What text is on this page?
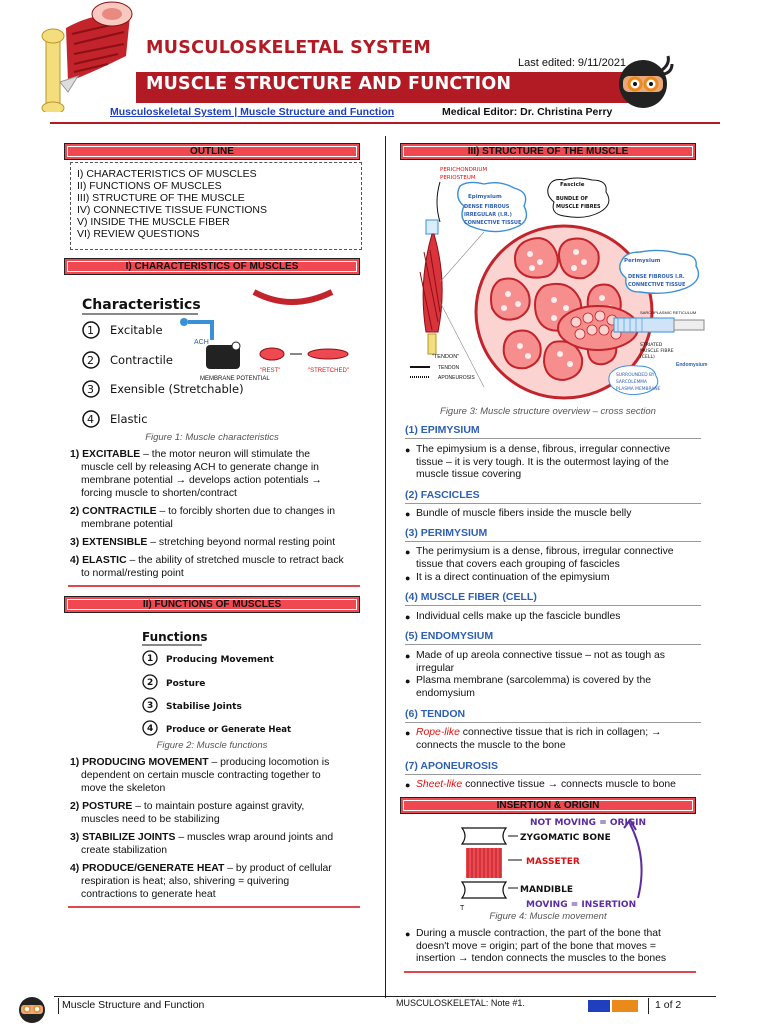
MUSCULOSKELETAL SYSTEM
MUSCLE STRUCTURE AND FUNCTION
Last edited: 9/11/2021
Musculoskeletal System | Muscle Structure and Function	Medical Editor: Dr. Christina Perry
OUTLINE
I) CHARACTERISTICS OF MUSCLES
II) FUNCTIONS OF MUSCLES
III) STRUCTURE OF THE MUSCLE
IV) CONNECTIVE TISSUE FUNCTIONS
V) INSIDE THE MUSCLE FIBER
VI) REVIEW QUESTIONS
I) CHARACTERISTICS OF MUSCLES
Characteristics
1 Excitable
2 Contractile
3 Exensible (Stretchable)
4 Elastic
ACH
MEMBRANE POTENTIAL
"REST"	"STRETCHED"
Figure 1: Muscle characteristics
1) EXCITABLE – the motor neuron will stimulate the
muscle cell by releasing ACH to generate change in
membrane potential → develops action potentials →
forcing muscle to shorten/contract
2) CONTRACTILE – to forcibly shorten due to changes in
membrane potential
3) EXTENSIBLE – stretching beyond normal resting point
4) ELASTIC – the ability of stretched muscle to retract back
to normal/resting point
II) FUNCTIONS OF MUSCLES
Functions
1 Producing Movement
2 Posture
3 Stabilise Joints
4 Produce or Generate Heat
Figure 2: Muscle functions
1) PRODUCING MOVEMENT – producing locomotion is
dependent on certain muscle contracting together to
move the skeleton
2) POSTURE – to maintain posture against gravity,
muscles need to be stabilizing
3) STABILIZE JOINTS – muscles wrap around joints and
create stabilization
4) PRODUCE/GENERATE HEAT – by product of cellular
respiration is heat; also, shivering = quivering
contractions to generate heat
III) STRUCTURE OF THE MUSCLE
PERICHONDRIUM
PERIOSTEUM
"TENDON"
TENDON
APONEUROSIS
Epimysium
DENSE FIBROUS
IRREGULAR (I.R.)
CONNECTIVE TISSUE
Fascicle
BUNDLE OF
MUSCLE FIBRES
Perimysium
DENSE FIBROUS I.R.
CONNECTIVE TISSUE
SARCOPLASMIC RETICULUM
STRIATED
MUSCLE FIBRE
(CELL)
Endomysium
SURROUNDED BY
SARCOLEMMA
PLASMA MEMBRANE
Figure 3: Muscle structure overview – cross section
(1) EPIMYSIUM
● The epimysium is a dense, fibrous, irregular connective
tissue – it is very tough. It is the outermost laying of the
muscle tissue covering
(2) FASCICLES
● Bundle of muscle fibers inside the muscle belly
(3) PERIMYSIUM
● The perimysium is a dense, fibrous, irregular connective
tissue that covers each grouping of fascicles
● It is a direct continuation of the epimysium
(4) MUSCLE FIBER (CELL)
● Individual cells make up the fascicle bundles
(5) ENDOMYSIUM
● Made of up areola connective tissue – not as tough as
irregular
● Plasma membrane (sarcolemma) is covered by the
endomysium
(6) TENDON
● Rope-like connective tissue that is rich in collagen; →
connects the muscle to the bone
(7) APONEUROSIS
● Sheet-like connective tissue → connects muscle to bone
INSERTION & ORIGIN
NOT MOVING = ORIGIN
ZYGOMATIC BONE
MASSETER
MANDIBLE
MOVING = INSERTION
T
Figure 4: Muscle movement
● During a muscle contraction, the part of the bone that
doesn't move = origin; part of the bone that moves =
insertion → tendon connects the muscles to the bones
Muscle Structure and Function	MUSCULOSKELETAL: Note #1.	1 of 2
